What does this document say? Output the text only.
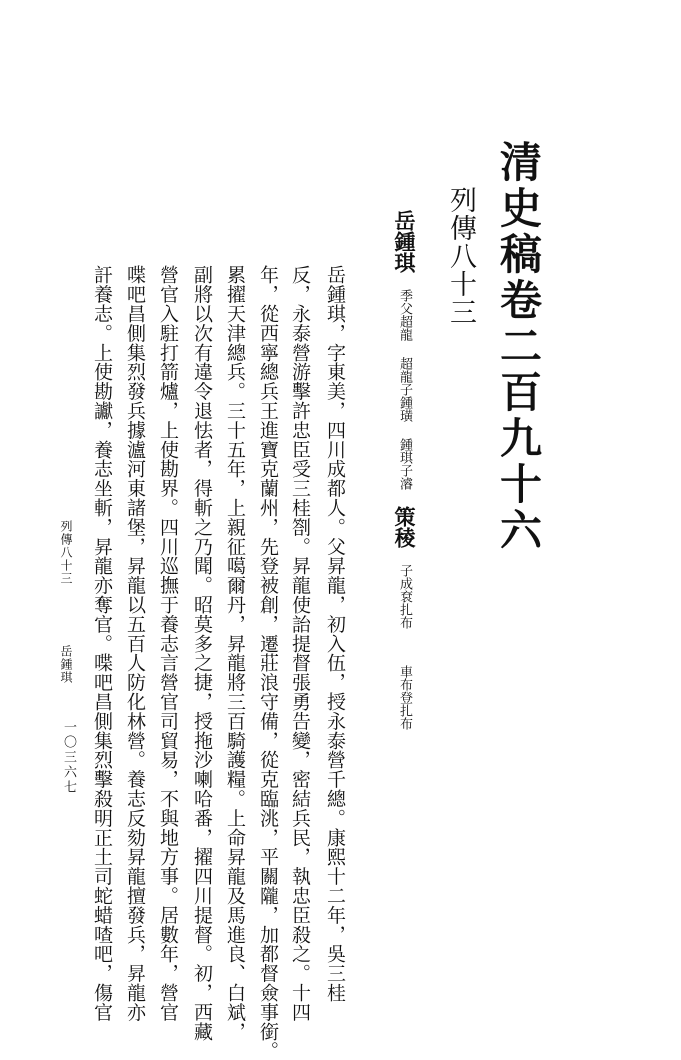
清史稿卷二百九十六
列傳八十三
岳鍾琪季父超龍超龍子鍾璜鍾琪子濬策稜子成袞扎布車布登扎布
岳鍾琪，字東美，四川成都人。父昇龍，初入伍，授永泰營千總。康熙十二年，吳三桂
反，永泰營游擊許忠臣受三桂劄。昇龍使詒提督張勇告變，密結兵民，執忠臣殺之。十四
年，從西寧總兵王進寶克蘭州，先登被創，遷莊浪守備，從克臨洮，平關隴，加都督僉事銜。
累擢天津總兵。三十五年，上親征噶爾丹，昇龍將三百騎護糧。上命昇龍及馬進良、白斌，
副將以次有違令退怯者，得斬之乃聞。昭莫多之捷，授拖沙喇哈番，擢四川提督。初，西藏
營官入駐打箭爐，上使勘界。四川巡撫于養志言營官司貿易，不與地方事。居數年，營官
喋吧昌側集烈發兵據瀘河東諸堡，昇龍以五百人防化林營。養志反劾昇龍擅發兵，昇龍亦
訐養志。上使勘讞，養志坐斬，昇龍亦奪官。喋吧昌側集烈擊殺明正土司蛇蜡喳吧，傷官
列傳八十三岳鍾琪
一〇三六七
